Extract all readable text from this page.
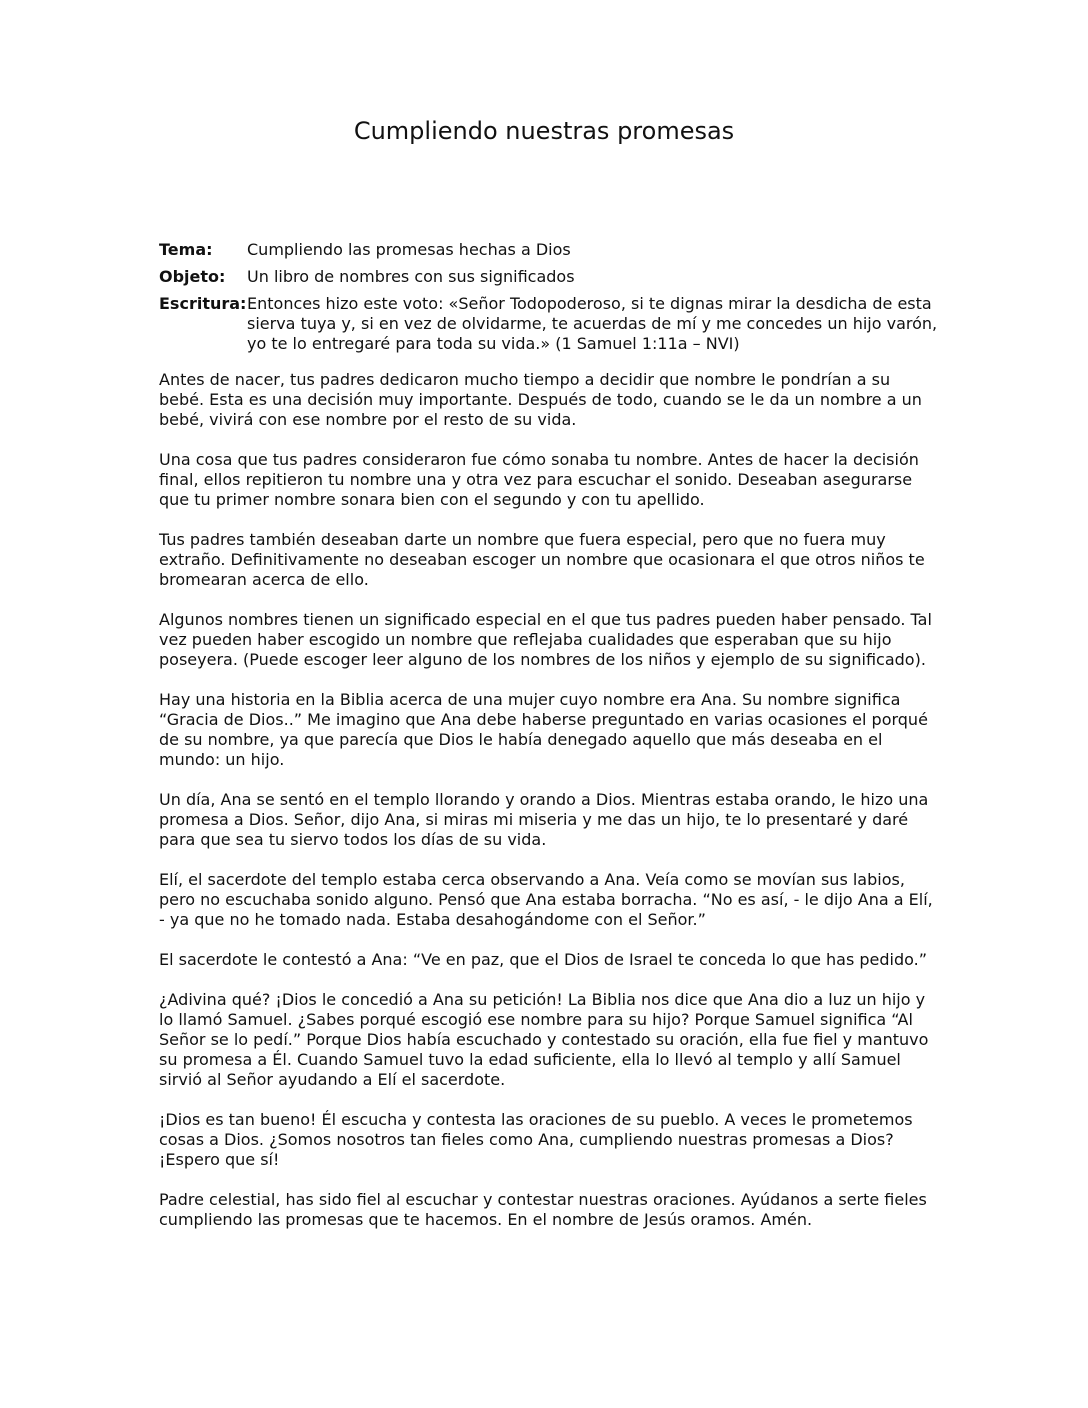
Cumpliendo nuestras promesas
Tema:	Cumpliendo las promesas hechas a Dios
Objeto:	Un libro de nombres con sus significados
Escritura: Entonces hizo este voto: «Señor Todopoderoso, si te dignas mirar la desdicha de esta sierva tuya y, si en vez de olvidarme, te acuerdas de mí y me concedes un hijo varón, yo te lo entregaré para toda su vida.» (1 Samuel 1:11a – NVI)

Antes de nacer, tus padres dedicaron mucho tiempo a decidir que nombre le pondrían a su bebé. Esta es una decisión muy importante. Después de todo, cuando se le da un nombre a un bebé, vivirá con ese nombre por el resto de su vida.

Una cosa que tus padres consideraron fue cómo sonaba tu nombre. Antes de hacer la decisión final, ellos repitieron tu nombre una y otra vez para escuchar el sonido. Deseaban asegurarse que tu primer nombre sonara bien con el segundo y con tu apellido.

Tus padres también deseaban darte un nombre que fuera especial, pero que no fuera muy extraño. Definitivamente no deseaban escoger un nombre que ocasionara el que otros niños te bromearan acerca de ello.

Algunos nombres tienen un significado especial en el que tus padres pueden haber pensado. Tal vez pueden haber escogido un nombre que reflejaba cualidades que esperaban que su hijo poseyera. (Puede escoger leer alguno de los nombres de los niños y ejemplo de su significado).

Hay una historia en la Biblia acerca de una mujer cuyo nombre era Ana. Su nombre significa “Gracia de Dios..” Me imagino que Ana debe haberse preguntado en varias ocasiones el porqué de su nombre, ya que parecía que Dios le había denegado aquello que más deseaba en el mundo: un hijo.

Un día, Ana se sentó en el templo llorando y orando a Dios. Mientras estaba orando, le hizo una promesa a Dios. Señor, dijo Ana, si miras mi miseria y me das un hijo, te lo presentaré y daré para que sea tu siervo todos los días de su vida.

Elí, el sacerdote del templo estaba cerca observando a Ana. Veía como se movían sus labios, pero no escuchaba sonido alguno. Pensó que Ana estaba borracha. “No es así, - le dijo Ana a Elí, - ya que no he tomado nada. Estaba desahogándome con el Señor.”

El sacerdote le contestó a Ana: “Ve en paz, que el Dios de Israel te conceda lo que has pedido.”

¿Adivina qué? ¡Dios le concedió a Ana su petición! La Biblia nos dice que Ana dio a luz un hijo y lo llamó Samuel. ¿Sabes porqué escogió ese nombre para su hijo? Porque Samuel significa “Al Señor se lo pedí.” Porque Dios había escuchado y contestado su oración, ella fue fiel y mantuvo su promesa a Él. Cuando Samuel tuvo la edad suficiente, ella lo llevó al templo y allí Samuel sirvió al Señor ayudando a Elí el sacerdote.

¡Dios es tan bueno! Él escucha y contesta las oraciones de su pueblo. A veces le prometemos cosas a Dios. ¿Somos nosotros tan fieles como Ana, cumpliendo nuestras promesas a Dios? ¡Espero que sí!

Padre celestial, has sido fiel al escuchar y contestar nuestras oraciones. Ayúdanos a serte fieles cumpliendo las promesas que te hacemos. En el nombre de Jesús oramos. Amén.
